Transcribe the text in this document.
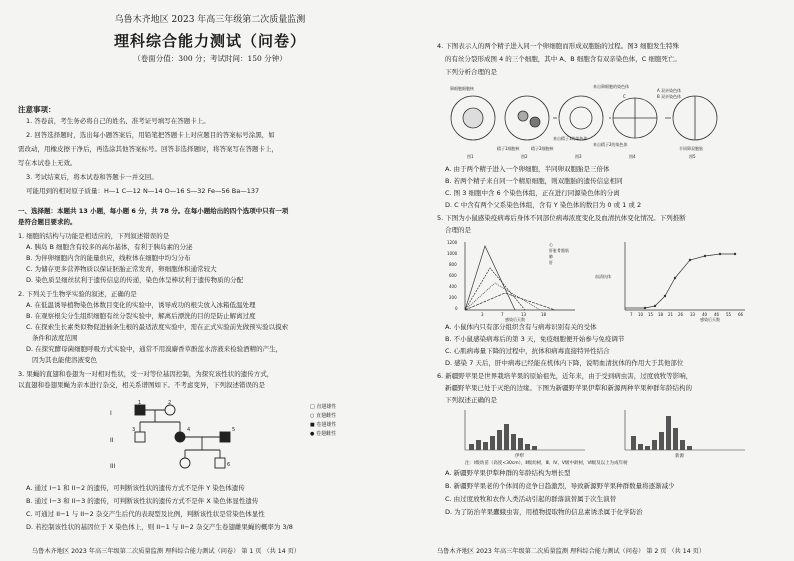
乌鲁木齐地区 2023 年高三年级第二次质量监测
理科综合能力测试（问卷）
（卷面分值：300 分；考试时间：150 分钟）
注意事项：
1. 答卷前，考生务必将自己的姓名、准考证号填写在答题卡上。
2. 回答选择题时，选出每小题答案后，用铅笔把答题卡上对应题目的答案标号涂黑，如
需改动，用橡皮擦干净后，再选涂其他答案标号。回答非选择题时，将答案写在答题卡上，
写在本试卷上无效。
3. 考试结束后，将本试卷和答题卡一并交回。
可能用到的相对原子质量：H—1 C—12 N—14 O—16 S—32 Fe—56 Ba—137
一、选择题：本题共 13 小题，每小题 6 分，共 78 分。在每小题给出的四个选项中只有一项
是符合题目要求的。
1. 细胞的结构与功能是相适应的，下列叙述错误的是
A. 胰岛 B 细胞含有较多的高尔基体，有利于胰岛素的分泌
B. 为伴卵细胞内含的能量供应，线粒体在细胞中均匀分布
C. 为储存更多营养物质以保证胚胎正常发育，卵细胞体积通常较大
D. 染色质呈细丝状利于遗传信息的传递，染色体呈棒状利于遗传物质的分配
2. 下列关于生物学实验的叙述，正确的是
A. 在低温诱导植物染色体数目变化的实验中，诱导成功的根尖放入冰箱低温处理
B. 在观察根尖分生组织细胞有丝分裂实验中，解离后漂洗的目的是防止解离过度
C. 在探索生长素类似物促进插条生根的最适浓度实验中，需在正式实验前先做预实验以摸索
条件和浓度范围
D. 在探究酵母菌细胞呼吸方式实验中，通常不用溴麝香草酚蓝水溶液来检验酒精的产生，
因为其也能使溶液变色
3. 果蝇的直翅和卷翅为一对相对性状，受一对等位基因控制，为探究该性状的遗传方式，
以直翅和卷翅果蝇为亲本进行杂交，相关系谱图如下。不考虑变异，下列叙述错误的是
I
II
III
1	2
3	4	5
6
□ 直翅雄性
○ 直翅雌性
■ 卷翅雄性
● 卷翅雌性
A. 通过 I−1 和 II−2 的遗传，可判断该性状的遗传方式不是伴 Y 染色体遗传
B. 通过 I−3 和 II−3 的遗传，可判断该性状的遗传方式不是伴 X 染色体显性遗传
C. 可通过 II−1 与 II−2 杂交产生后代的表现型及比例，判断该性状是常染色体显性
D. 若控制该性状的基因位于 X 染色体上，则 II−1 与 II−2 杂交产生卷翅雌果蝇的概率为 3/8
乌鲁木齐地区 2023 年高三年级第二次质量监测 理科综合能力测试（问卷） 第 1 页 （共 14 页）
4. 下图表示人的两个精子进入同一个卵细胞而形成双胞胎的过程。图3 细胞发生特殊
的有丝分裂形成图 4 的三个细胞，其中 A、B 细胞含有双亲染色体，C 细胞死亡。
下列分析合理的是
卵细胞细胞核
精子1细胞核	精子2细胞核
来自卵细胞的染色体
来自精子1的染色体
来自精子2的染色体
A 双亲染色体
B 双亲染色体
C
图1	图2	图3	图4	图5
半同卵双胞胎
A. 由于两个精子进入一个卵细胞，半同卵双胞胎是三倍体
B. 若两个精子来自同一个精原细胞，则双胞胎的遗传信息相同
C. 图 3 细胞中含 6 个染色体组，正在进行同源染色体的分离
D. C 中含有两个父系染色体组，含有 Y 染色体的数目为 0 或 1 或 2
5. 下图为小鼠感染疫病毒后身体不同部位病毒浓度变化及血清抗体变化情况。下列推断
合理的是
心
肝脏骨骼肌
肺
肝
1200
1000
800
600
400
200
0
3	7	13	18
感染后天数
血清抗体
感染后天数
7 10 15 18 21 26 33 40 46 55 66
A. 小鼠体内只有部分组织含有与病毒识别有关的受体
B. 不小鼠感染病毒后的第 3 天，免疫细胞便开始参与免疫调节
C. 心肌病毒量下降的过程中，抗体和病毒直接特异性结合
D. 感染 7 天后，肝中病毒已经能在机体内下降，说明血清抗体的作用大于其他部位
6. 新疆野苹果是世界栽培苹果的原始祖先，近年来，由于受到病虫害，过度放牧等影响，
新疆野苹果已处于灭绝的边缘。下图为新疆野苹果伊犁和新源两种苹果种群年龄结构的
下列叙述正确的是
伊犁	新源
注：Ⅰ级幼苗（高度<30cm），Ⅱ级幼树，Ⅲ、Ⅳ、Ⅴ级中龄树，Ⅵ级及以上为成年树
A. 新疆野苹果伊犁种群的年龄结构为增长型
B. 新疆野苹果老的个体间的竞争日趋激烈，导致新源野苹果种群数量将逐渐减少
C. 由过度放牧和农作人类活动引起的群落演替属于次生演替
D. 为了防治苹果蠹蛾虫害，用植物提取物的信息素诱杀属于化学防治
乌鲁木齐地区 2023 年高三年级第二次质量监测 理科综合能力测试（问卷） 第 2 页 （共 14 页）
